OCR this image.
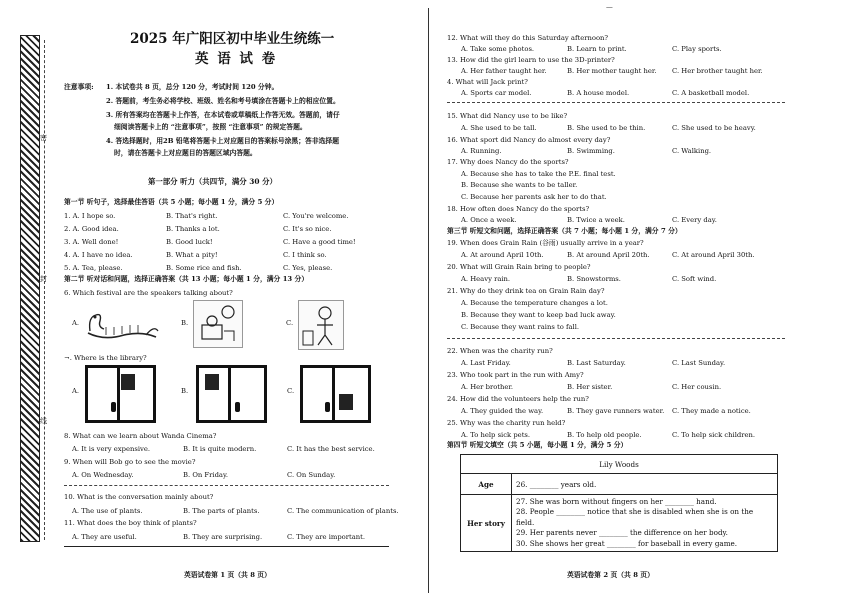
密
封
线
2025 年广阳区初中毕业生统练一
英 语 试 卷
注意事项: 1. 本试卷共 8 页，总分 120 分，考试时间 120 分钟。
2. 答题前，考生务必将学校、班级、姓名和考号填涂在答题卡上的相应位置。
3. 所有答案均在答题卡上作答，在本试卷或草稿纸上作答无效。答题前，请仔
细阅读答题卡上的 “注意事项”，按照 “注意事项” 的规定答题。
4. 答选择题时，用2B 铅笔将答题卡上对应题目的答案标号涂黑；答非选择题
时，请在答题卡上对应题目的答题区域内答题。
第一部分 听力（共四节，满分 30 分）
第一节 听句子，选择最佳答语（共 5 小题；每小题 1 分，满分 5 分）
1. A. I hope so.	B. That's right.	C. You're welcome.
2. A. Good idea.	B. Thanks a lot.	C. It's so nice.
3. A. Well done!	B. Good luck!	C. Have a good time!
4. A. I have no idea.	B. What a pity!	C. I think so.
5. A. Tea, please.	B. Some rice and fish.	C. Yes, please.
第二节 听对话和问题，选择正确答案（共 13 小题；每小题 1 分，满分 13 分）
6. Which festival are the speakers talking about?
A.	B.	C.
¬. Where is the library?
A.	B.	C.
8. What can we learn about Wanda Cinema?
A. It is very expensive.	B. It is quite modern.	C. It has the best service.
9. When will Bob go to see the movie?
A. On Wednesday.	B. On Friday.	C. On Sunday.
10. What is the conversation mainly about?
A. The use of plants.	B. The parts of plants.	C. The communication of plants.
11. What does the boy think of plants?
A. They are useful.	B. They are surprising.	C. They are important.
英语试卷第 1 页（共 8 页）
—
12. What will they do this Saturday afternoon?
A. Take some photos.	B. Learn to print.	C. Play sports.
13. How did the girl learn to use the 3D-printer?
A. Her father taught her.	B. Her mother taught her. C. Her brother taught her.
4. What will Jack print?
A. Sports car model.	B. A house model.	C. A basketball model.
15. What did Nancy use to be like?
A. She used to be tall.	B. She used to be thin.	C. She used to be heavy.
16. What sport did Nancy do almost every day?
A. Running.	B. Swimming.	C. Walking.
17. Why does Nancy do the sports?
A. Because she has to take the P.E. final test.
B. Because she wants to be taller.
C. Because her parents ask her to do that.
18. How often does Nancy do the sports?
A. Once a week.	B. Twice a week.	C. Every day.
第三节 听短文和问题，选择正确答案（共 7 小题；每小题 1 分，满分 7 分）
19. When does Grain Rain (谷雨) usually arrive in a year?
A. At around April 10th.	B. At around April 20th.	C. At around April 30th.
20. What will Grain Rain bring to people?
A. Heavy rain.	B. Snowstorms.	C. Soft wind.
21. Why do they drink tea on Grain Rain day?
A. Because the temperature changes a lot.
B. Because they want to keep bad luck away.
C. Because they want rains to fall.
22. When was the charity run?
A. Last Friday.	B. Last Saturday.	C. Last Sunday.
23. Who took part in the run with Amy?
A. Her brother.	B. Her sister.	C. Her cousin.
24. How did the volunteers help the run?
A. They guided the way.	B. They gave runners water. C. They made a notice.
25. Why was the charity run held?
A. To help sick pets.	B. To help old people.	C. To help sick children.
第四节 听短文填空（共 5 小题，每小题 1 分，满分 5 分）
Lily Woods	
Age	26. ________ years old.
Her story	27. She was born without fingers on her ________ hand.
28. People ________ notice that she is disabled when she is on the field.
29. Her parents never ________ the difference on her body.
30. She shows her great ________ for baseball in every game.
英语试卷第 2 页（共 8 页）
